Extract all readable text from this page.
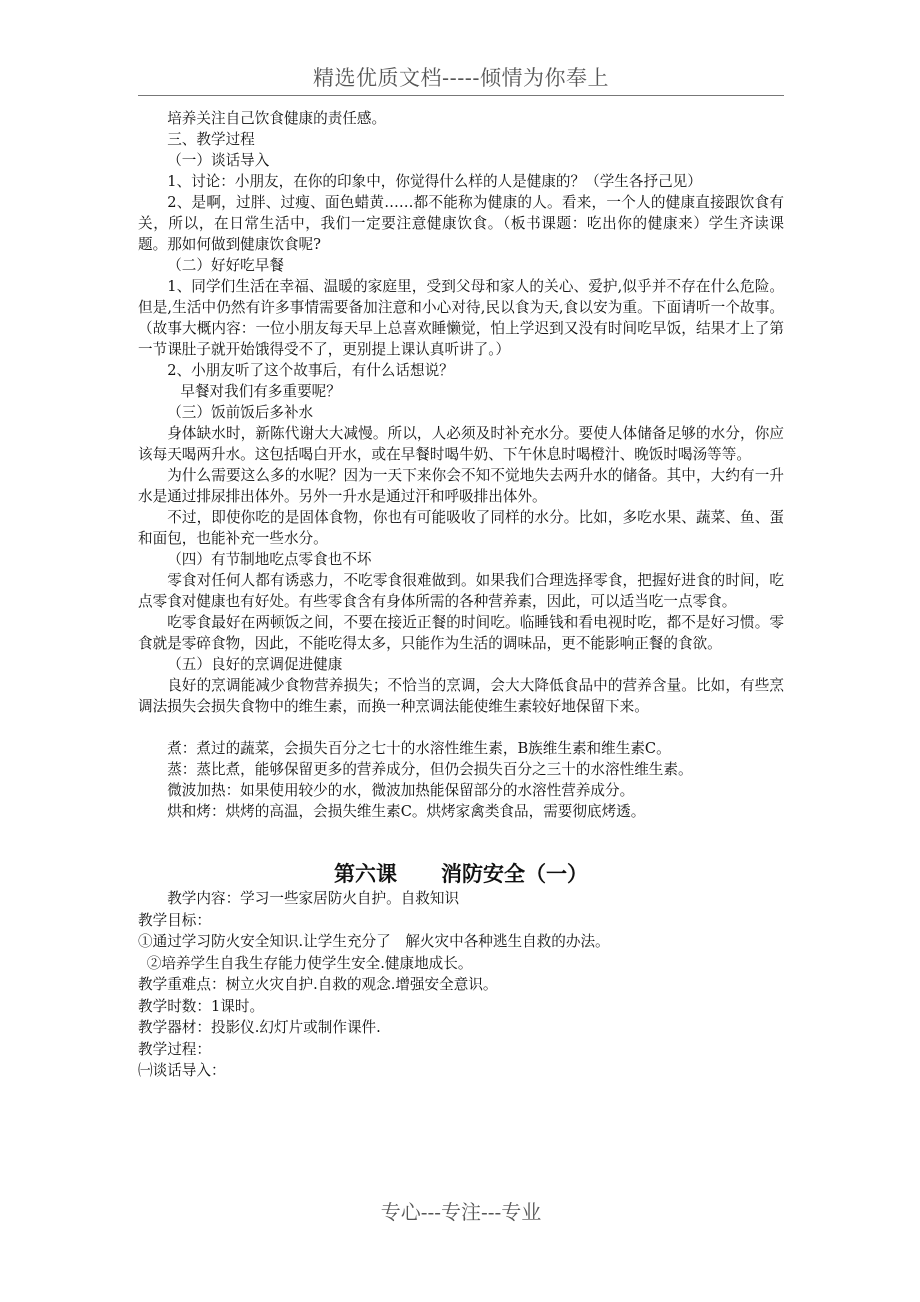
精选优质文档-----倾情为你奉上

培养关注自己饮食健康的责任感。

三、教学过程

（一）谈话导入

1、讨论：小朋友，在你的印象中，你觉得什么样的人是健康的？（学生各抒己见）

2、是啊，过胖、过瘦、面色蜡黄……都不能称为健康的人。看来，一个人的健康直接跟饮食有关，所以，在日常生活中，我们一定要注意健康饮食。（板书课题：吃出你的健康来）学生齐读课题。那如何做到健康饮食呢?

（二）好好吃早餐

1、同学们生活在幸福、温暖的家庭里，受到父母和家人的关心、爱护,似乎并不存在什么危险。但是,生活中仍然有许多事情需要备加注意和小心对待,民以食为天,食以安为重。下面请听一个故事。（故事大概内容：一位小朋友每天早上总喜欢睡懒觉，怕上学迟到又没有时间吃早饭，结果才上了第一节课肚子就开始饿得受不了，更别提上课认真听讲了。）

2、小朋友听了这个故事后，有什么话想说？

早餐对我们有多重要呢？

（三）饭前饭后多补水

身体缺水时，新陈代谢大大减慢。所以，人必须及时补充水分。要使人体储备足够的水分，你应该每天喝两升水。这包括喝白开水，或在早餐时喝牛奶、下午休息时喝橙汁、晚饭时喝汤等等。

为什么需要这么多的水呢？因为一天下来你会不知不觉地失去两升水的储备。其中，大约有一升水是通过排尿排出体外。另外一升水是通过汗和呼吸排出体外。

不过，即使你吃的是固体食物，你也有可能吸收了同样的水分。比如，多吃水果、蔬菜、鱼、蛋和面包，也能补充一些水分。

（四）有节制地吃点零食也不坏

零食对任何人都有诱惑力，不吃零食很难做到。如果我们合理选择零食，把握好进食的时间，吃点零食对健康也有好处。有些零食含有身体所需的各种营养素，因此，可以适当吃一点零食。

吃零食最好在两顿饭之间，不要在接近正餐的时间吃。临睡钱和看电视时吃，都不是好习惯。零食就是零碎食物，因此，不能吃得太多，只能作为生活的调味品，更不能影响正餐的食欲。

（五）良好的烹调促进健康

良好的烹调能减少食物营养损失；不恰当的烹调，会大大降低食品中的营养含量。比如，有些烹调法损失会损失食物中的维生素，而换一种烹调法能使维生素较好地保留下来。

煮：煮过的蔬菜，会损失百分之七十的水溶性维生素，B族维生素和维生素C。

蒸：蒸比煮，能够保留更多的营养成分，但仍会损失百分之三十的水溶性维生素。

微波加热：如果使用较少的水，微波加热能保留部分的水溶性营养成分。

烘和烤：烘烤的高温，会损失维生素C。烘烤家禽类食品，需要彻底烤透。

第六课 消防安全（一）

教学内容：学习一些家居防火自护。自救知识

教学目标：

①通过学习防火安全知识.让学生充分了　解火灾中各种逃生自救的办法。

②培养学生自我生存能力使学生安全.健康地成长。

教学重难点：树立火灾自护.自救的观念.增强安全意识。

教学时数：1课时。

教学器材：投影仪.幻灯片或制作课件.

教学过程：

㈠谈话导入：

专心---专注---专业
